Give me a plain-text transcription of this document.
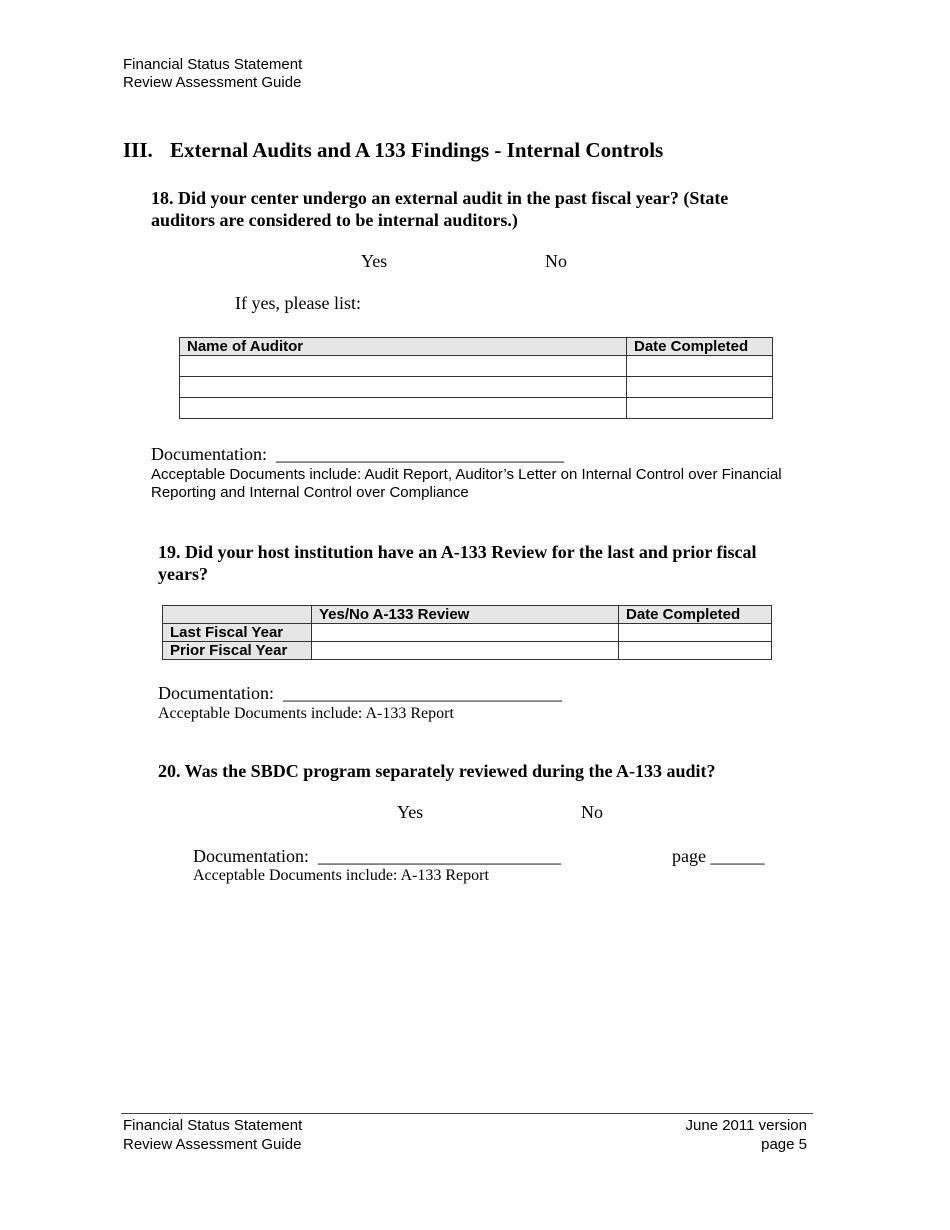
Financial Status Statement
Review Assessment Guide
III. External Audits and A 133 Findings - Internal Controls
18. Did your center undergo an external audit in the past fiscal year? (State
auditors are considered to be internal auditors.)
Yes	No
If yes, please list:
Name of Auditor	Date Completed

Documentation:  ________________________________
Acceptable Documents include: Audit Report, Auditor’s Letter on Internal Control over Financial
Reporting and Internal Control over Compliance
19. Did your host institution have an A-133 Review for the last and prior fiscal
years?
	Yes/No A-133 Review	Date Completed
Last Fiscal Year		
Prior Fiscal Year		
Documentation:  _______________________________
Acceptable Documents include: A-133 Report
20. Was the SBDC program separately reviewed during the A-133 audit?
Yes	No
Documentation:  ___________________________	page ______
Acceptable Documents include: A-133 Report
Financial Status Statement
Review Assessment Guide
June 2011 version
page 5
